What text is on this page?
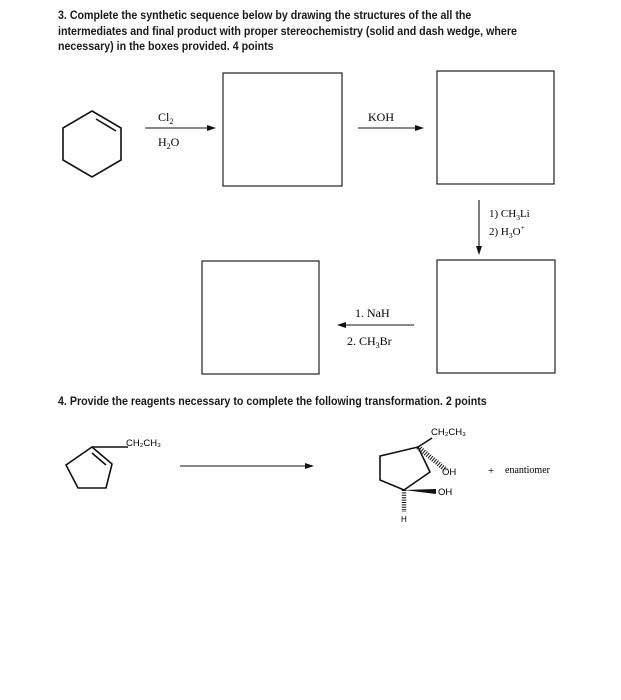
3. Complete the synthetic sequence below by drawing the structures of the all the intermediates and final product with proper stereochemistry (solid and dash wedge, where necessary) in the boxes provided. 4 points
4. Provide the reagents necessary to complete the following transformation. 2 points
$Cl_2$
$H_2O$
KOH
1) $CH_3Li$
2) $H_3O^+$
1. NaH
2. $CH_3Br$
CH₂CH₃
CH₂CH₃
OH
OH
H
+ enantiomer
